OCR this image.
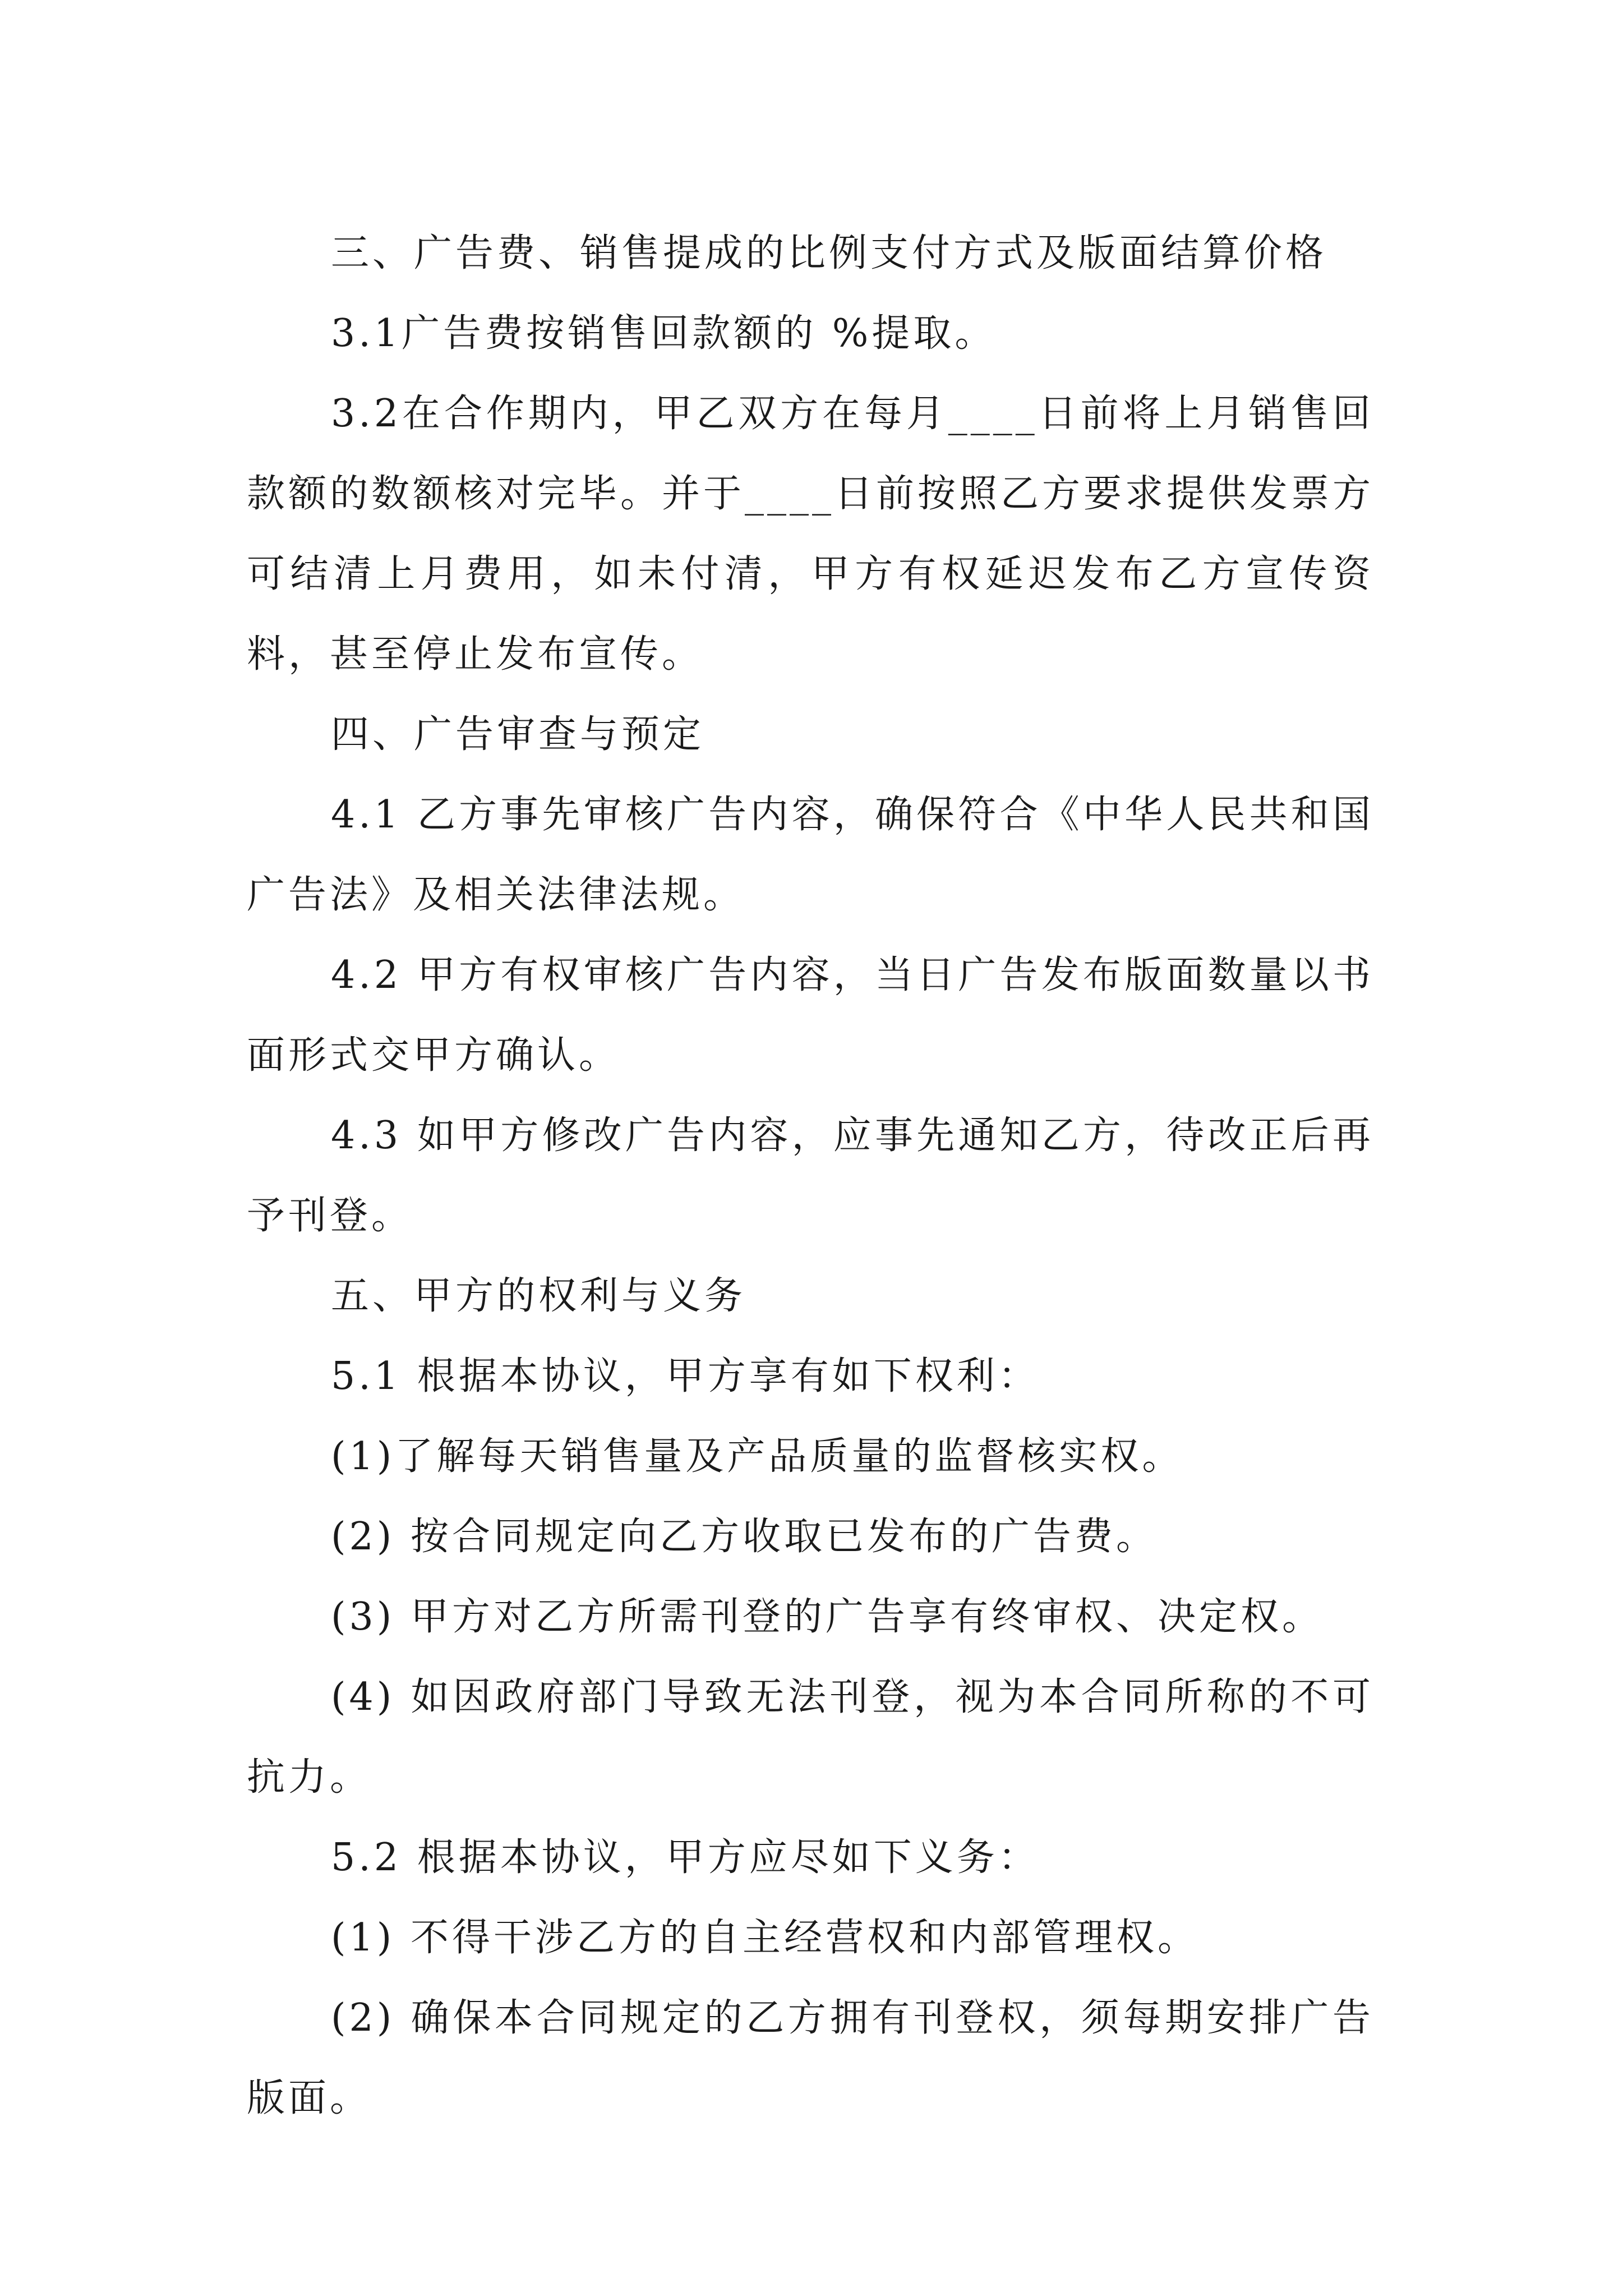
三、广告费、销售提成的比例支付方式及版面结算价格

3.1广告费按销售回款额的 %提取。

3.2在合作期内，甲乙双方在每月____日前将上月销售回款额的数额核对完毕。并于____日前按照乙方要求提供发票方可结清上月费用，如未付清，甲方有权延迟发布乙方宣传资料，甚至停止发布宣传。

四、广告审查与预定

4.1 乙方事先审核广告内容，确保符合《中华人民共和国广告法》及相关法律法规。

4.2 甲方有权审核广告内容，当日广告发布版面数量以书面形式交甲方确认。

4.3 如甲方修改广告内容，应事先通知乙方，待改正后再予刊登。

五、甲方的权利与义务

5.1 根据本协议，甲方享有如下权利：

(1)了解每天销售量及产品质量的监督核实权。

(2) 按合同规定向乙方收取已发布的广告费。

(3) 甲方对乙方所需刊登的广告享有终审权、决定权。

(4) 如因政府部门导致无法刊登，视为本合同所称的不可抗力。

5.2 根据本协议，甲方应尽如下义务：

(1) 不得干涉乙方的自主经营权和内部管理权。

(2) 确保本合同规定的乙方拥有刊登权，须每期安排广告版面。
